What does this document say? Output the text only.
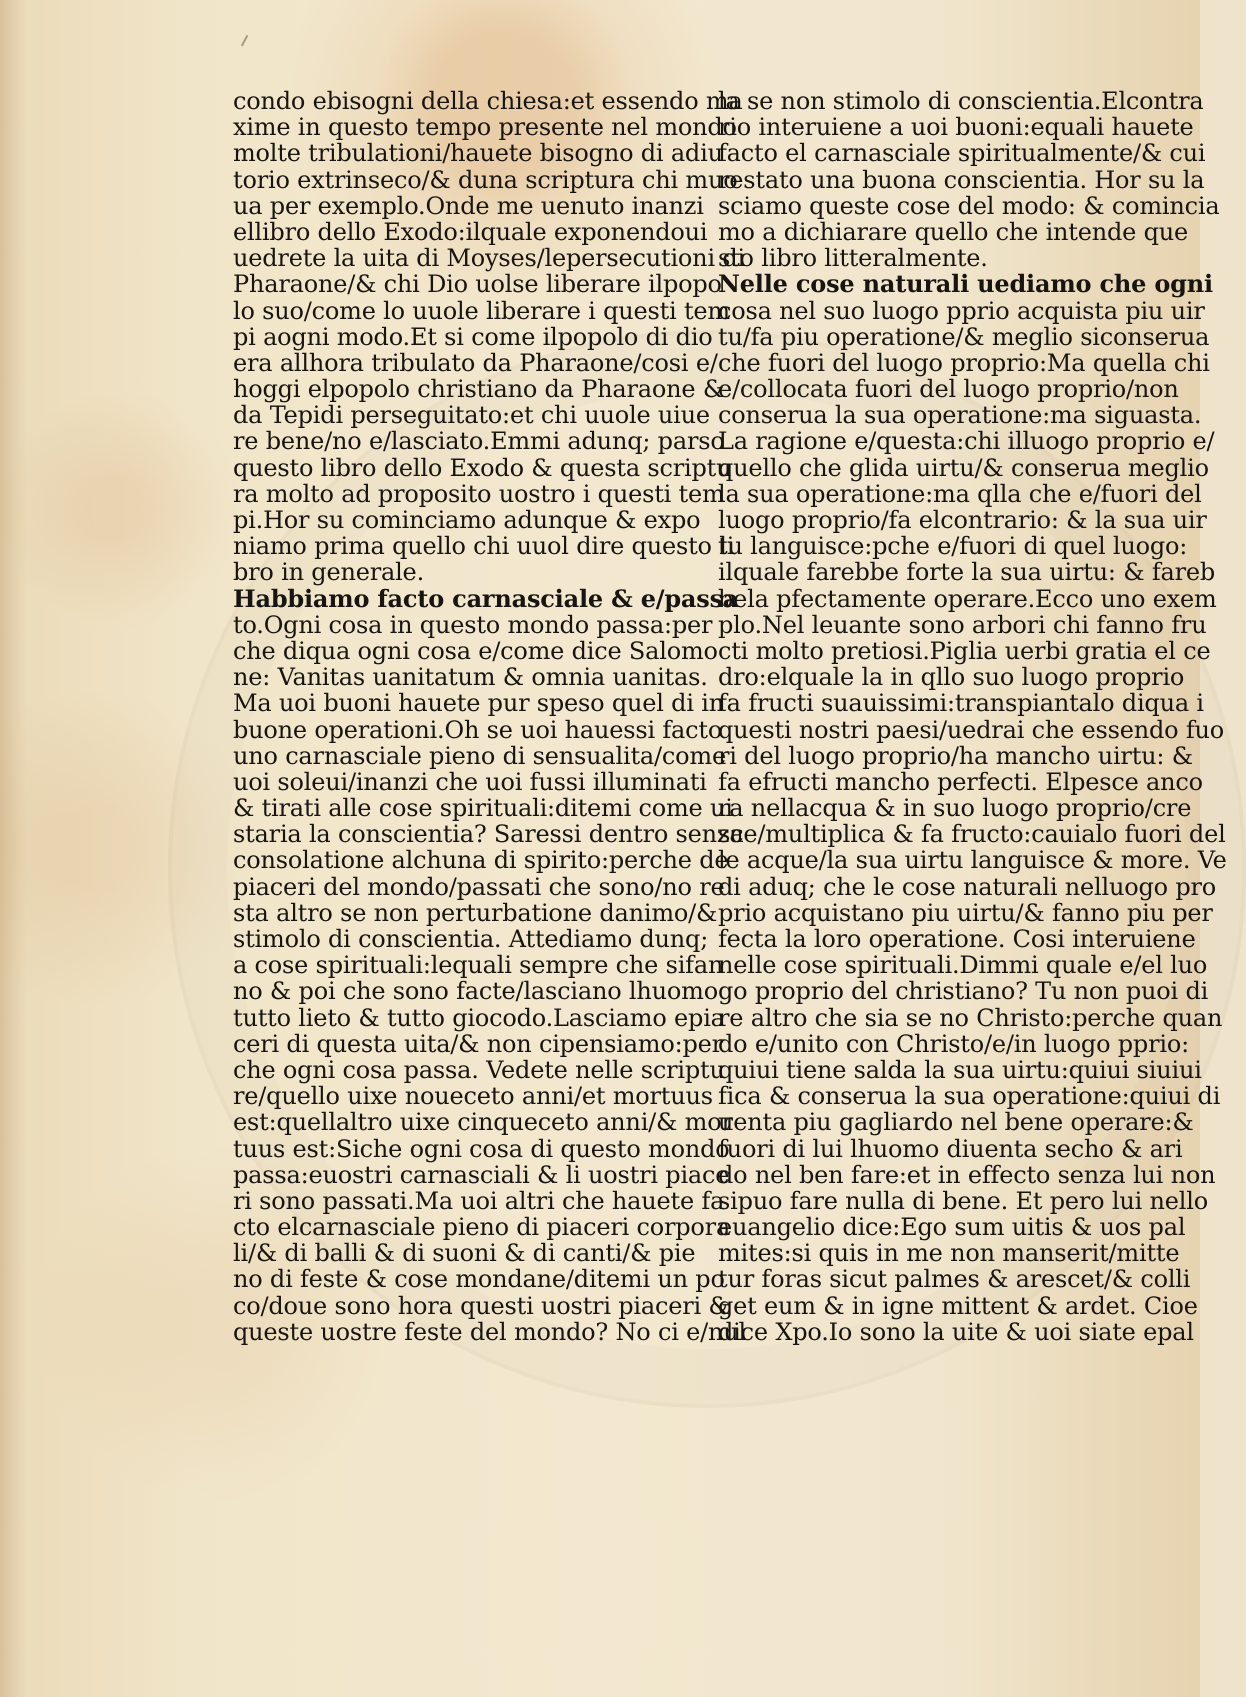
condo ebisogni della chiesa:et essendo ma
xime in questo tempo presente nel mondo
molte tribulationi/hauete bisogno di adiu
torio extrinseco/& duna scriptura chi muo
ua per exemplo.Onde me uenuto inanzi
ellibro dello Exodo:ilquale exponendoui
uedrete la uita di Moyses/lepersecutioni di
Pharaone/& chi Dio uolse liberare ilpopo
lo suo/come lo uuole liberare i questi tem
pi aogni modo.Et si come ilpopolo di dio
era allhora tribulato da Pharaone/cosi e/
hoggi elpopolo christiano da Pharaone &
da Tepidi perseguitato:et chi uuole uiue
re bene/no e/lasciato.Emmi adunq; parso
questo libro dello Exodo & questa scriptu
ra molto ad proposito uostro i questi tem
pi.Hor su cominciamo adunque & expo
niamo prima quello chi uuol dire questo li
bro in generale.
Habbiamo facto carnasciale & e/passa
to.Ogni cosa in questo mondo passa:per
che diqua ogni cosa e/come dice Salomo
ne: Vanitas uanitatum & omnia uanitas.
Ma uoi buoni hauete pur speso quel di in
buone operationi.Oh se uoi hauessi facto
uno carnasciale pieno di sensualita/come
uoi soleui/inanzi che uoi fussi illuminati
& tirati alle cose spirituali:ditemi come ui
staria la conscientia? Saressi dentro senza
consolatione alchuna di spirito:perche de
piaceri del mondo/passati che sono/no re
sta altro se non perturbatione danimo/&
stimolo di conscientia. Attediamo dunq;
a cose spirituali:lequali sempre che sifan
no & poi che sono facte/lasciano lhuomo
tutto lieto & tutto giocodo.Lasciamo epia
ceri di questa uita/& non cipensiamo:per
che ogni cosa passa. Vedete nelle scriptu
re/quello uixe noueceto anni/et mortuus
est:quellaltro uixe cinqueceto anni/& mor
tuus est:Siche ogni cosa di questo mondo
passa:euostri carnasciali & li uostri piace
ri sono passati.Ma uoi altri che hauete fa
cto elcarnasciale pieno di piaceri corpora
li/& di balli & di suoni & di canti/& pie
no di feste & cose mondane/ditemi un po
co/doue sono hora questi uostri piaceri &
queste uostre feste del mondo? No ci e/nul
la se non stimolo di conscientia.Elcontra
rio interuiene a uoi buoni:equali hauete
facto el carnasciale spiritualmente/& cui
restato una buona conscientia. Hor su la
sciamo queste cose del modo: & comincia
mo a dichiarare quello che intende que
sto libro litteralmente.
Nelle cose naturali uediamo che ogni
cosa nel suo luogo pprio acquista piu uir
tu/fa piu operatione/& meglio siconserua
che fuori del luogo proprio:Ma quella chi
e/collocata fuori del luogo proprio/non
conserua la sua operatione:ma siguasta.
La ragione e/questa:chi illuogo proprio e/
quello che glida uirtu/& conserua meglio
la sua operatione:ma qlla che e/fuori del
luogo proprio/fa elcontrario: & la sua uir
tu languisce:pche e/fuori di quel luogo:
ilquale farebbe forte la sua uirtu: & fareb
bela pfectamente operare.Ecco uno exem
plo.Nel leuante sono arbori chi fanno fru
cti molto pretiosi.Piglia uerbi gratia el ce
dro:elquale la in qllo suo luogo proprio
fa fructi suauissimi:transpiantalo diqua i
questi nostri paesi/uedrai che essendo fuo
ri del luogo proprio/ha mancho uirtu: &
fa efructi mancho perfecti. Elpesce anco
ra nellacqua & in suo luogo proprio/cre
sce/multiplica & fa fructo:cauialo fuori del
le acque/la sua uirtu languisce & more. Ve
di aduq; che le cose naturali nelluogo pro
prio acquistano piu uirtu/& fanno piu per
fecta la loro operatione. Cosi interuiene
nelle cose spirituali.Dimmi quale e/el luo
go proprio del christiano? Tu non puoi di
re altro che sia se no Christo:perche quan
do e/unito con Christo/e/in luogo pprio:
quiui tiene salda la sua uirtu:quiui siuiui
fica & conserua la sua operatione:quiui di
uenta piu gagliardo nel bene operare:&
fuori di lui lhuomo diuenta secho & ari
do nel ben fare:et in effecto senza lui non
sipuo fare nulla di bene. Et pero lui nello
euangelio dice:Ego sum uitis & uos pal
mites:si quis in me non manserit/mitte
tur foras sicut palmes & arescet/& colli
get eum & in igne mittent & ardet. Cioe
dice Xpo.Io sono la uite & uoi siate epal
